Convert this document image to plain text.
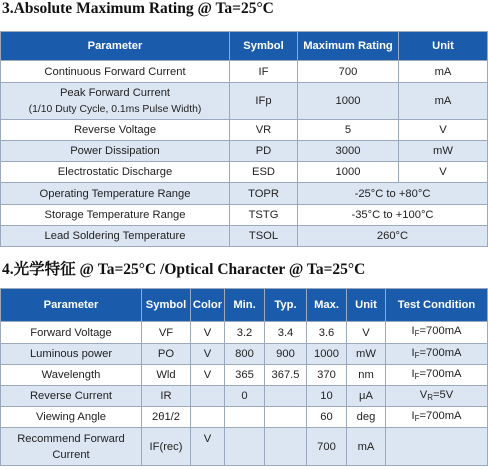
3.Absolute Maximum Rating @ Ta=25°C
Parameter	Symbol	Maximum Rating	Unit
Continuous Forward Current	IF	700	mA

Peak Forward Current
(1/10 Duty Cycle, 0.1ms Pulse Width)	IFp	1000	mA
Reverse Voltage	VR	5	V
Power Dissipation	PD	3000	mW
Electrostatic Discharge	ESD	1000	V
Operating Temperature Range	TOPR	-25°C to +80°C	
Storage Temperature Range	TSTG	-35°C to +100°C	
Lead Soldering Temperature	TSOL	260°C	
4.光学特征 @ Ta=25°C /Optical Character @ Ta=25°C
Parameter	Symbol	Color	Min.	Typ.	Max.	Unit	Test Condition
Forward Voltage	VF	V	3.2	3.4	3.6	V	$I_F=700mA$
Luminous power	PO	V	800	900	1000	mW	$I_F=700mA$
Wavelength	Wld	V	365	367.5	370	nm	$I_F=700mA$
Reverse Current	IR		0		10	μA	$V_R=5V$
Viewing Angle	2θ1/2				60	deg	$I_F=700mA$

Recommend Forward
Current	IF(rec)	V			700	mA	
